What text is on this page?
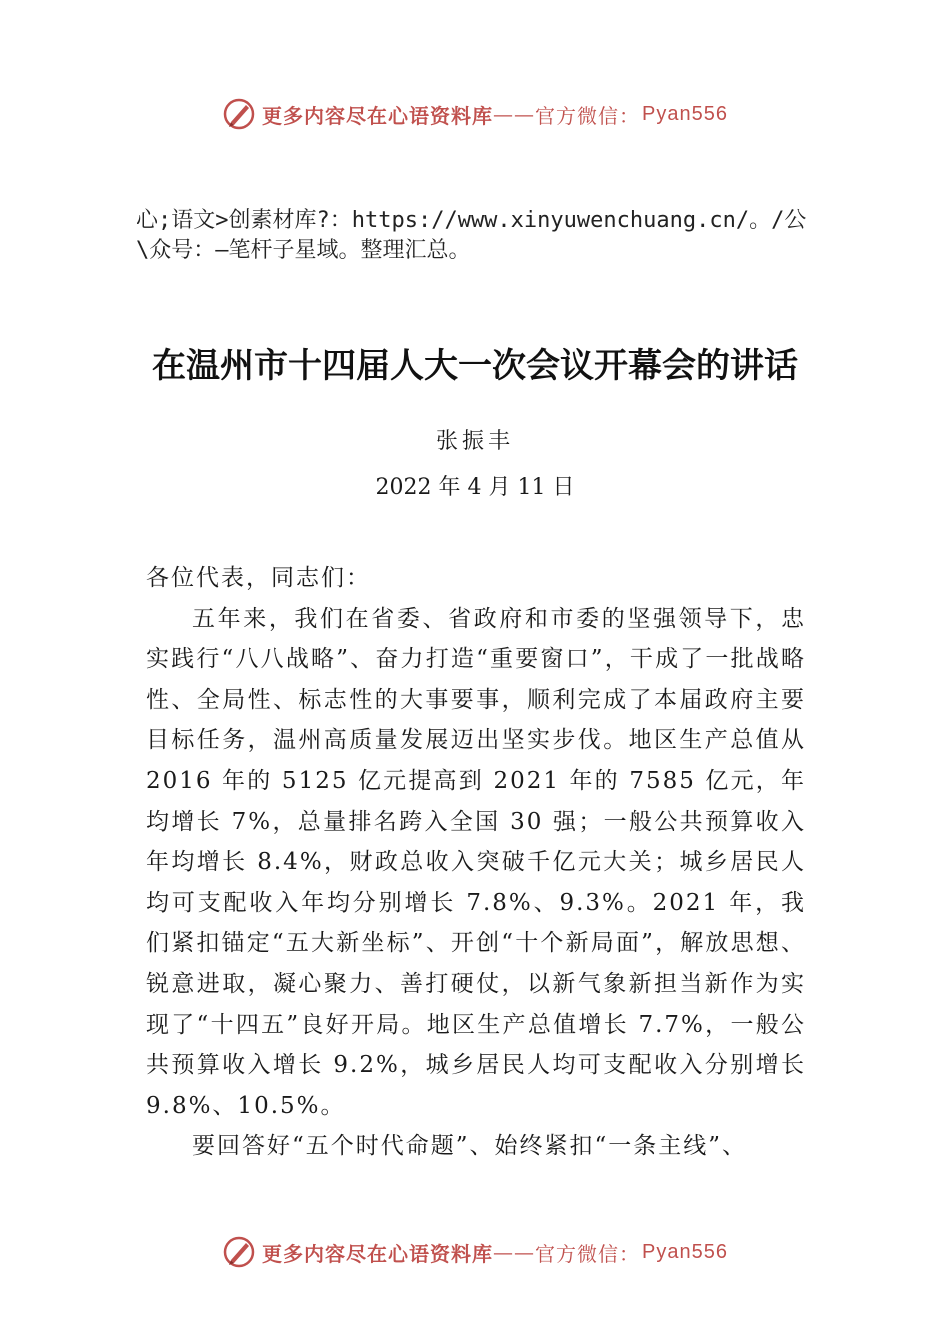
更多内容尽在心语资料库 —— 官方微信： Pyan556
心;语文>创素材库?：https://www.xinyuwenchuang.cn/。/公\众号：—笔杆子星域。整理汇总。
在温州市十四届人大一次会议开幕会的讲话
张振丰
2022 年 4 月 11 日

各位代表，同志们：

五年来，我们在省委、省政府和市委的坚强领导下，忠实践行“八八战略”、奋力打造“重要窗口”，干成了一批战略性、全局性、标志性的大事要事，顺利完成了本届政府主要目标任务，温州高质量发展迈出坚实步伐。地区生产总值从 2016 年的 5125 亿元提高到 2021 年的 7585 亿元，年均增长 7%，总量排名跨入全国 30 强；一般公共预算收入年均增长 8.4%，财政总收入突破千亿元大关；城乡居民人均可支配收入年均分别增长 7.8%、9.3%。2021 年，我们紧扣锚定“五大新坐标”、开创“十个新局面”，解放思想、锐意进取，凝心聚力、善打硬仗，以新气象新担当新作为实现了“十四五”良好开局。地区生产总值增长 7.7%，一般公共预算收入增长 9.2%，城乡居民人均可支配收入分别增长 9.8%、10.5%。

要回答好“五个时代命题”、始终紧扣“一条主线”、

更多内容尽在心语资料库 —— 官方微信： Pyan556
